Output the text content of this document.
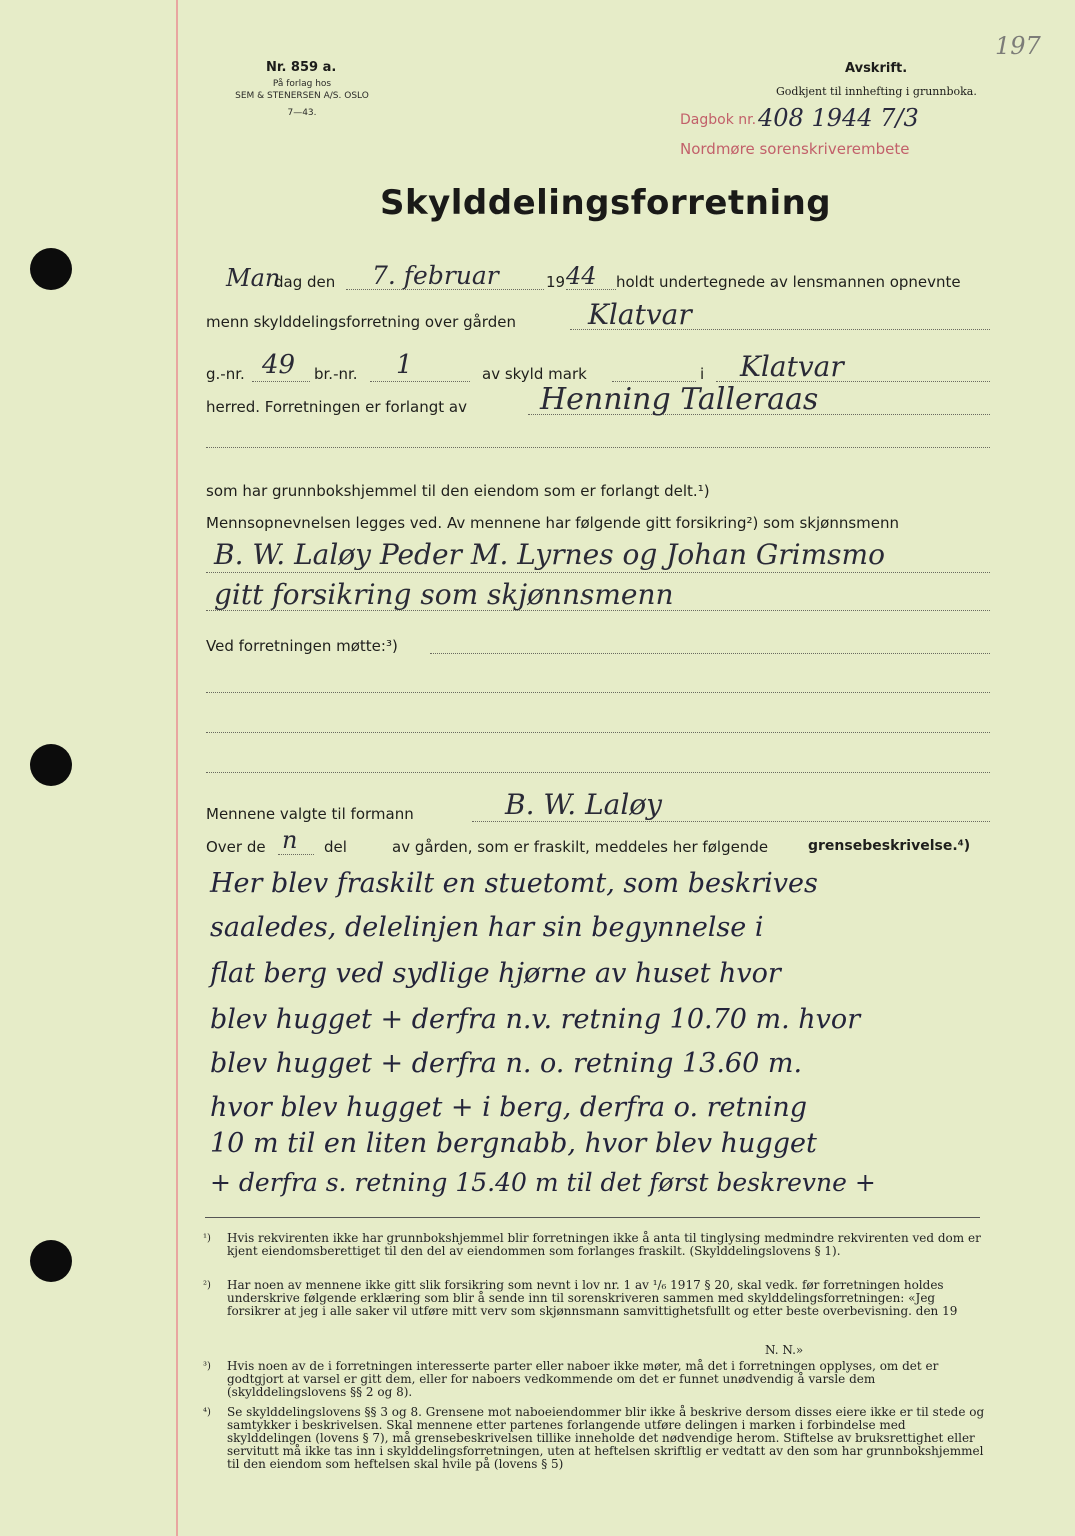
Nr. 859 a.
På forlag hos
SEM & STENERSEN A/S. OSLO
7—43.
Avskrift.
Godkjent til innhefting i grunnboka.
Dagbok nr. 408 1944 7/3
Nordmøre sorenskriverembete
197
Skylddelingsforretning
Man
dag den 7. februar	19 44 holdt undertegnede av lensmannen opnevnte
menn skylddelingsforretning over gården	Klatvar
g.-nr. 49 br.-nr. 1	av skyld mark	i Klatvar
herred. Forretningen er forlangt av Henning Talleraas
som har grunnbokshjemmel til den eiendom som er forlangt delt.¹)
Mennsopnevnelsen legges ved. Av mennene har følgende gitt forsikring²) som skjønnsmenn
B. W. Laløy Peder M. Lyrnes og Johan Grimsmo
gitt forsikring som skjønnsmenn
Ved forretningen møtte:³)
Mennene valgte til formann	B. W. Laløy
Over de n del	av gården, som er fraskilt, meddeles her følgende	grensebeskrivelse.⁴)
Her blev fraskilt en stuetomt, som beskrives
saaledes, delelinjen har sin begynnelse i
flat berg ved sydlige hjørne av huset hvor
blev hugget + derfra n.v. retning 10.70 m. hvor
blev hugget + derfra n. o. retning 13.60 m.
hvor blev hugget + i berg, derfra o. retning
10 m til en liten bergnabb, hvor blev hugget
+ derfra s. retning 15.40 m til det først beskrevne +
¹) Hvis rekvirenten ikke har grunnbokshjemmel blir forretningen ikke å anta til tinglysing medmindre rekvirenten ved dom er kjent eiendomsberettiget til den del av eiendommen som forlanges fraskilt. (Skylddelingslovens § 1).
²) Har noen av mennene ikke gitt slik forsikring som nevnt i lov nr. 1 av ¹/₆ 1917 § 20, skal vedk. før forretningen holdes underskrive følgende erklæring som blir å sende inn til sorenskriveren sammen med skylddelingsforretningen: «Jeg forsikrer at jeg i alle saker vil utføre mitt verv som skjønnsmann samvittighetsfullt og etter beste overbevisning. den 19
N. N.»
³) Hvis noen av de i forretningen interesserte parter eller naboer ikke møter, må det i forretningen opplyses, om det er godtgjort at varsel er gitt dem, eller for naboers vedkommende om det er funnet unødvendig å varsle dem (skylddelingslovens §§ 2 og 8).
⁴) Se skylddelingslovens §§ 3 og 8. Grensene mot naboeiendommer blir ikke å beskrive dersom disses eiere ikke er til stede og samtykker i beskrivelsen. Skal mennene etter partenes forlangende utføre delingen i marken i forbindelse med skylddelingen (lovens § 7), må grensebeskrivelsen tillike inneholde det nødvendige herom. Stiftelse av bruksrettighet eller servitutt må ikke tas inn i skylddelingsforretningen, uten at heftelsen skriftlig er vedtatt av den som har grunnbokshjemmel til den eiendom som heftelsen skal hvile på (lovens § 5)
